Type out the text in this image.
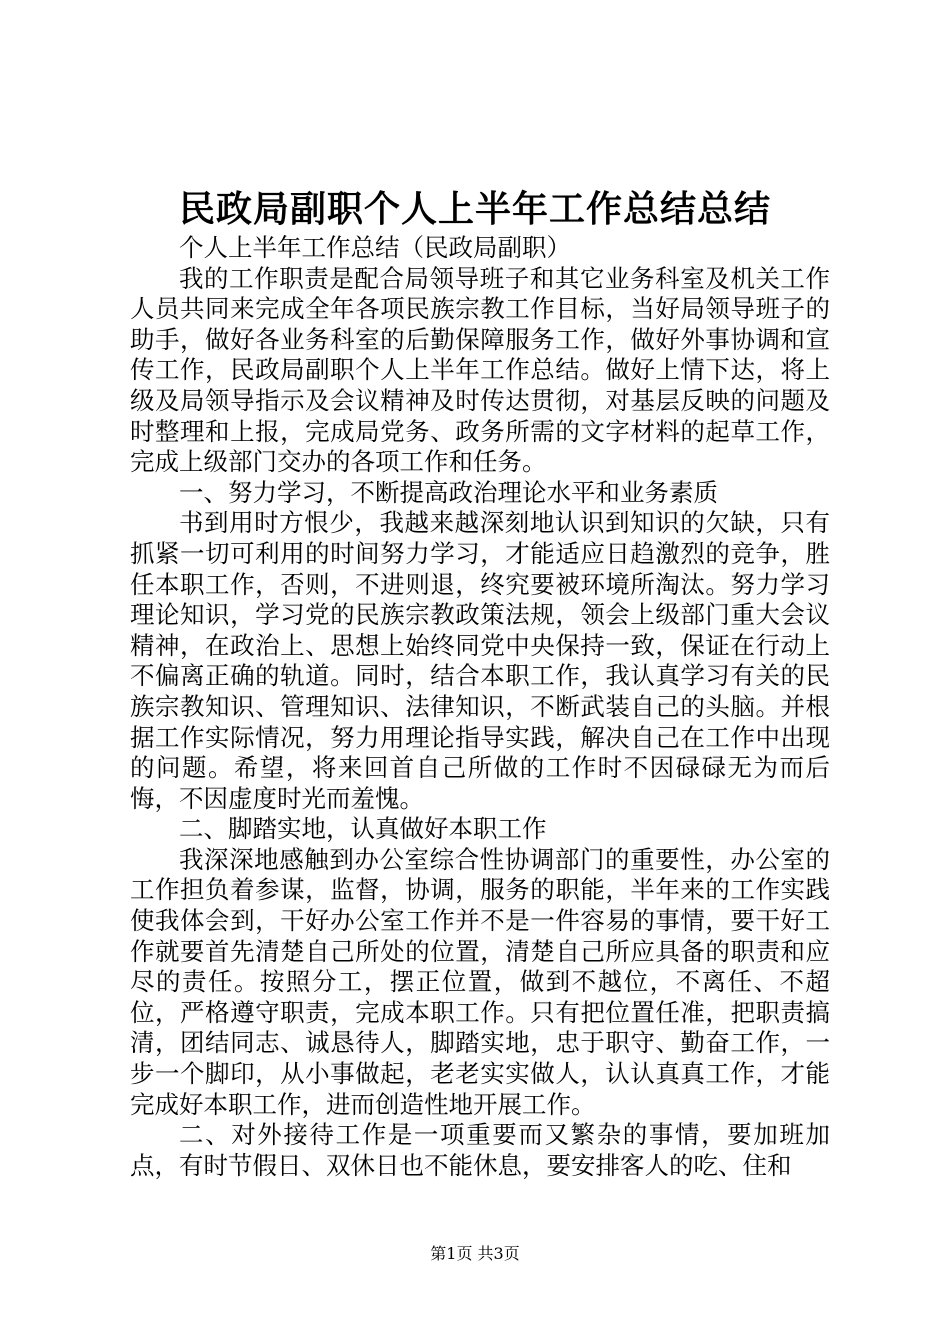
民政局副职个人上半年工作总结总结

个人上半年工作总结（民政局副职）

我的工作职责是配合局领导班子和其它业务科室及机关工作人员共同来完成全年各项民族宗教工作目标，当好局领导班子的助手，做好各业务科室的后勤保障服务工作，做好外事协调和宣传工作，民政局副职个人上半年工作总结。做好上情下达，将上级及局领导指示及会议精神及时传达贯彻，对基层反映的问题及时整理和上报，完成局党务、政务所需的文字材料的起草工作，完成上级部门交办的各项工作和任务。

一、努力学习，不断提高政治理论水平和业务素质

书到用时方恨少，我越来越深刻地认识到知识的欠缺，只有抓紧一切可利用的时间努力学习，才能适应日趋激烈的竞争，胜任本职工作，否则，不进则退，终究要被环境所淘汰。努力学习理论知识，学习党的民族宗教政策法规，领会上级部门重大会议精神，在政治上、思想上始终同党中央保持一致，保证在行动上不偏离正确的轨道。同时，结合本职工作，我认真学习有关的民族宗教知识、管理知识、法律知识，不断武装自己的头脑。并根据工作实际情况，努力用理论指导实践，解决自己在工作中出现的问题。希望，将来回首自己所做的工作时不因碌碌无为而后悔，不因虚度时光而羞愧。

二、脚踏实地，认真做好本职工作

我深深地感触到办公室综合性协调部门的重要性，办公室的工作担负着参谋，监督，协调，服务的职能，半年来的工作实践使我体会到，干好办公室工作并不是一件容易的事情，要干好工作就要首先清楚自己所处的位置，清楚自己所应具备的职责和应尽的责任。按照分工，摆正位置，做到不越位，不离任、不超位，严格遵守职责，完成本职工作。只有把位置任准，把职责搞清，团结同志、诚恳待人，脚踏实地，忠于职守、勤奋工作，一步一个脚印，从小事做起，老老实实做人，认认真真工作，才能完成好本职工作，进而创造性地开展工作。

二、对外接待工作是一项重要而又繁杂的事情，要加班加点，有时节假日、双休日也不能休息，要安排客人的吃、住和

第1页 共3页
